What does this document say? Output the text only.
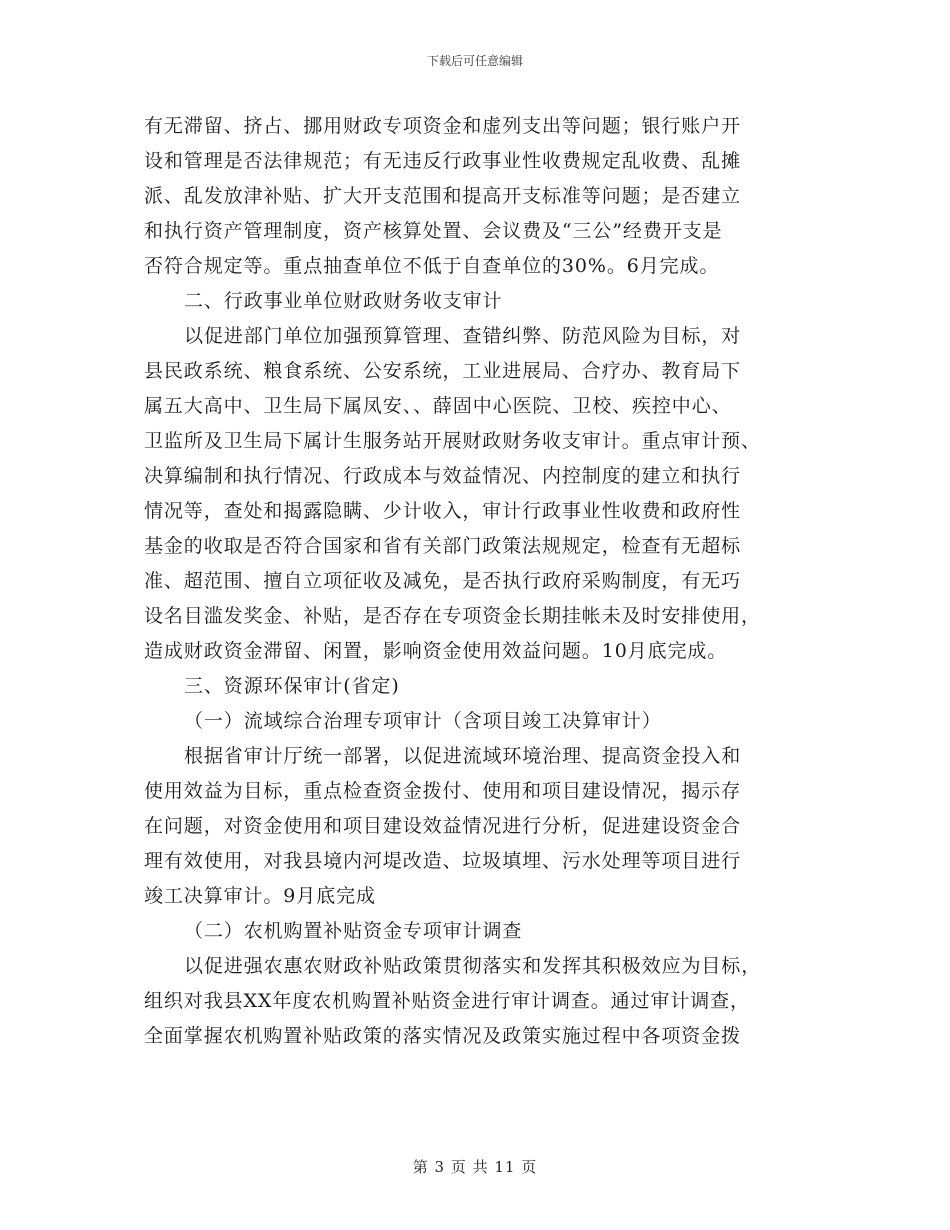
下载后可任意编辑
有无滞留、挤占、挪用财政专项资金和虚列支出等问题；银行账户开
设和管理是否法律规范；有无违反行政事业性收费规定乱收费、乱摊
派、乱发放津补贴、扩大开支范围和提高开支标准等问题；是否建立
和执行资产管理制度，资产核算处置、会议费及“三公”经费开支是
否符合规定等。重点抽查单位不低于自查单位的30%。6月完成。
二、行政事业单位财政财务收支审计
以促进部门单位加强预算管理、查错纠弊、防范风险为目标，对
县民政系统、粮食系统、公安系统，工业进展局、合疗办、教育局下
属五大高中、卫生局下属凤安、、薛固中心医院、卫校、疾控中心、
卫监所及卫生局下属计生服务站开展财政财务收支审计。重点审计预、
决算编制和执行情况、行政成本与效益情况、内控制度的建立和执行
情况等，查处和揭露隐瞒、少计收入，审计行政事业性收费和政府性
基金的收取是否符合国家和省有关部门政策法规规定，检查有无超标
准、超范围、擅自立项征收及减免，是否执行政府采购制度，有无巧
设名目滥发奖金、补贴，是否存在专项资金长期挂帐未及时安排使用，
造成财政资金滞留、闲置，影响资金使用效益问题。10月底完成。
三、资源环保审计(省定)
（一）流域综合治理专项审计（含项目竣工决算审计）
根据省审计厅统一部署，以促进流域环境治理、提高资金投入和
使用效益为目标，重点检查资金拨付、使用和项目建设情况，揭示存
在问题，对资金使用和项目建设效益情况进行分析，促进建设资金合
理有效使用，对我县境内河堤改造、垃圾填埋、污水处理等项目进行
竣工决算审计。9月底完成
（二）农机购置补贴资金专项审计调查
以促进强农惠农财政补贴政策贯彻落实和发挥其积极效应为目标，
组织对我县XX年度农机购置补贴资金进行审计调查。通过审计调查，
全面掌握农机购置补贴政策的落实情况及政策实施过程中各项资金拨
第 3 页 共 11 页
